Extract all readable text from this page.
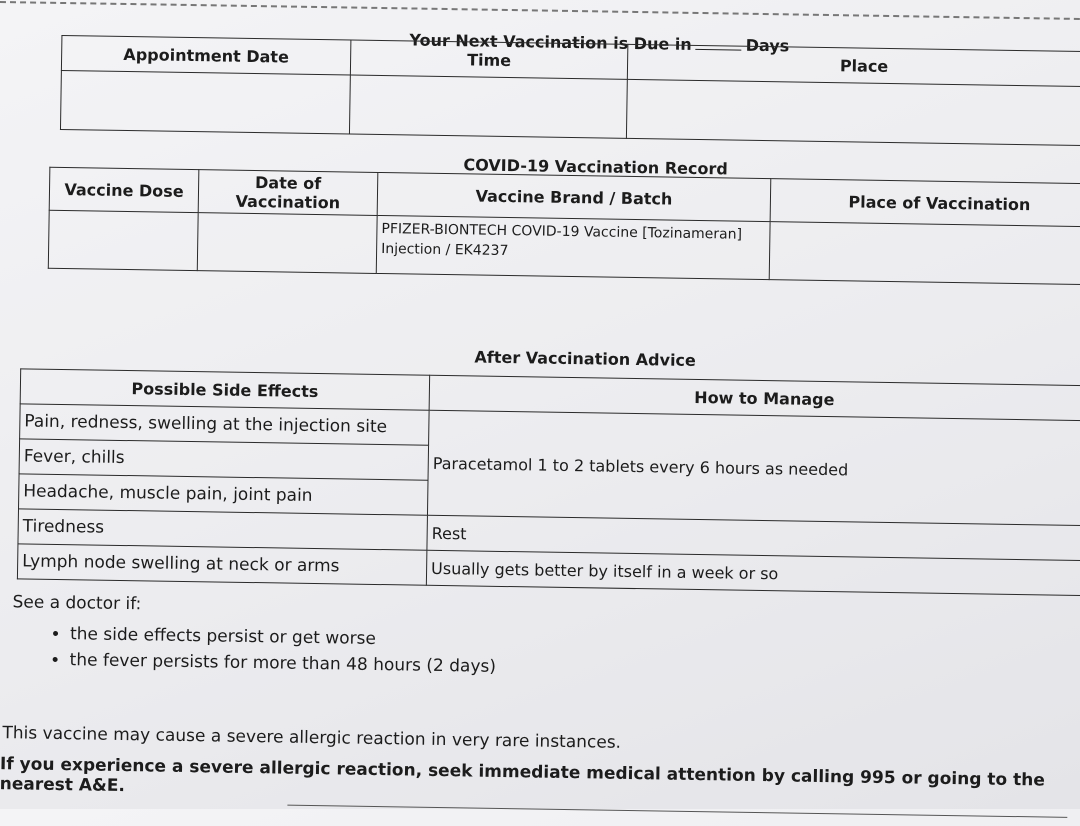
Your Next Vaccination is Due in	Days
Appointment Date	Time	Place

COVID-19 Vaccination Record
Vaccine Dose	Date of Vaccination	Vaccine Brand / Batch	Place of Vaccination

		PFIZER-BIONTECH COVID-19 Vaccine [Tozinameran]
Injection / EK4237	

After Vaccination Advice
Possible Side Effects	How to Manage
Pain, redness, swelling at the injection site	Paracetamol 1 to 2 tablets every 6 hours as needed
Fever, chills	
Headache, muscle pain, joint pain	
Tiredness	Rest
Lymph node swelling at neck or arms	Usually gets better by itself in a week or so
See a doctor if:
• the side effects persist or get worse
• the fever persists for more than 48 hours (2 days)
This vaccine may cause a severe allergic reaction in very rare instances.
If you experience a severe allergic reaction, seek immediate medical attention by calling 995 or going to the nearest A&E.
